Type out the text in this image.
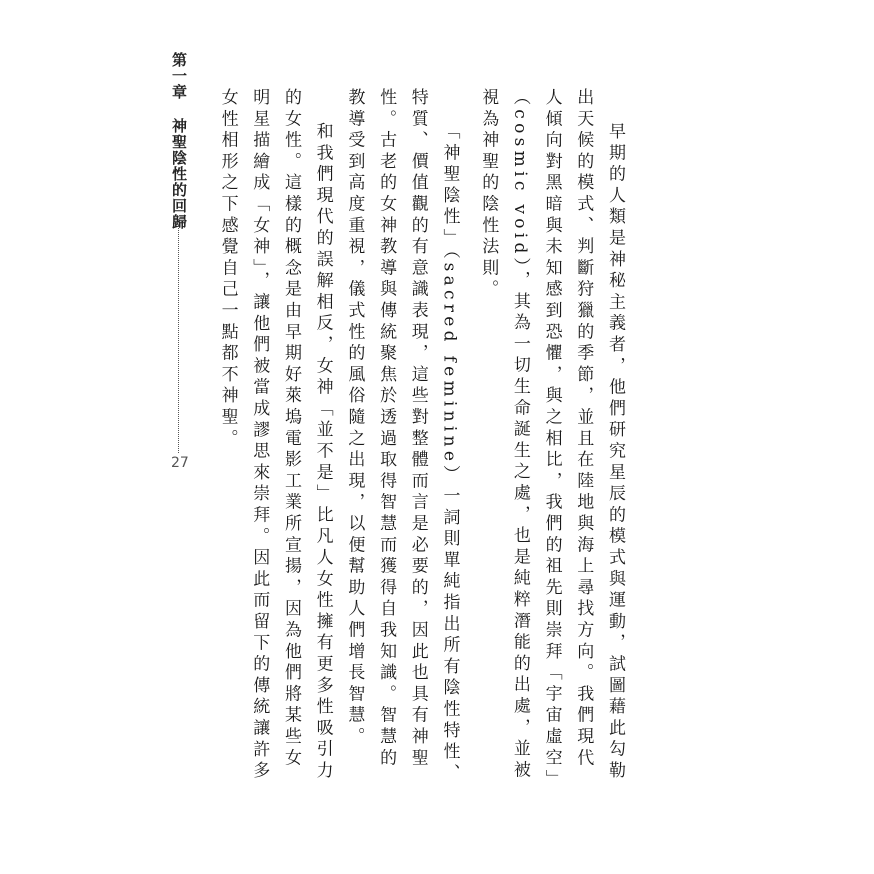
第一章神聖陰性的回歸
27	早期的人類是神秘主義者，他們研究星辰的模式與運動，試圖藉此勾勒出天候的模式、判斷狩獵的季節，並且在陸地與海上尋找方向。我們現代人傾向對黑暗與未知感到恐懼，與之相比，我們的祖先則崇拜「宇宙虛空」（cosmic void），其為一切生命誕生之處，也是純粹潛能的出處，並被視為神聖的陰性法則。

「神聖陰性」（sacred feminine）一詞則單純指出所有陰性特性、特質、價值觀的有意識表現，這些對整體而言是必要的，因此也具有神聖性。古老的女神教導與傳統聚焦於透過取得智慧而獲得自我知識。智慧的教導受到高度重視，儀式性的風俗隨之出現，以便幫助人們增長智慧。

和我們現代的誤解相反，女神「並不是」比凡人女性擁有更多性吸引力的女性。這樣的概念是由早期好萊塢電影工業所宣揚，因為他們將某些女明星描繪成「女神」，讓他們被當成謬思來崇拜。因此而留下的傳統讓許多女性相形之下感覺自己一點都不神聖。
